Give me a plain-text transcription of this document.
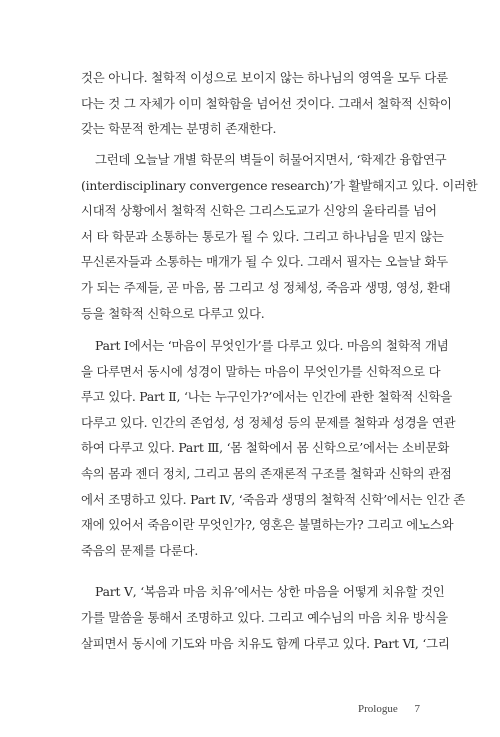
것은 아니다. 철학적 이성으로 보이지 않는 하나님의 영역을 모두 다룬
다는 것 그 자체가 이미 철학함을 넘어선 것이다. 그래서 철학적 신학이
갖는 학문적 한계는 분명히 존재한다.
그런데 오늘날 개별 학문의 벽들이 허물어지면서, ‘학제간 융합연구
(interdisciplinary convergence research)’가 활발해지고 있다. 이러한
시대적 상황에서 철학적 신학은 그리스도교가 신앙의 울타리를 넘어
서 타 학문과 소통하는 통로가 될 수 있다. 그리고 하나님을 믿지 않는
무신론자들과 소통하는 매개가 될 수 있다. 그래서 필자는 오늘날 화두
가 되는 주제들, 곧 마음, 몸 그리고 성 정체성, 죽음과 생명, 영성, 환대
등을 철학적 신학으로 다루고 있다.
Part Ⅰ에서는 ‘마음이 무엇인가’를 다루고 있다. 마음의 철학적 개념
을 다루면서 동시에 성경이 말하는 마음이 무엇인가를 신학적으로 다
루고 있다. Part Ⅱ, ‘나는 누구인가?’에서는 인간에 관한 철학적 신학을
다루고 있다. 인간의 존엄성, 성 정체성 등의 문제를 철학과 성경을 연관
하여 다루고 있다. Part Ⅲ, ‘몸 철학에서 몸 신학으로’에서는 소비문화
속의 몸과 젠더 정치, 그리고 몸의 존재론적 구조를 철학과 신학의 관점
에서 조명하고 있다. Part Ⅳ, ‘죽음과 생명의 철학적 신학’에서는 인간 존
재에 있어서 죽음이란 무엇인가?, 영혼은 불멸하는가? 그리고 에노스와
죽음의 문제를 다룬다.
Part Ⅴ, ‘복음과 마음 치유’에서는 상한 마음을 어떻게 치유할 것인
가를 말씀을 통해서 조명하고 있다. 그리고 예수님의 마음 치유 방식을
살피면서 동시에 기도와 마음 치유도 함께 다루고 있다. Part Ⅵ, ‘그리
Prologue 7
